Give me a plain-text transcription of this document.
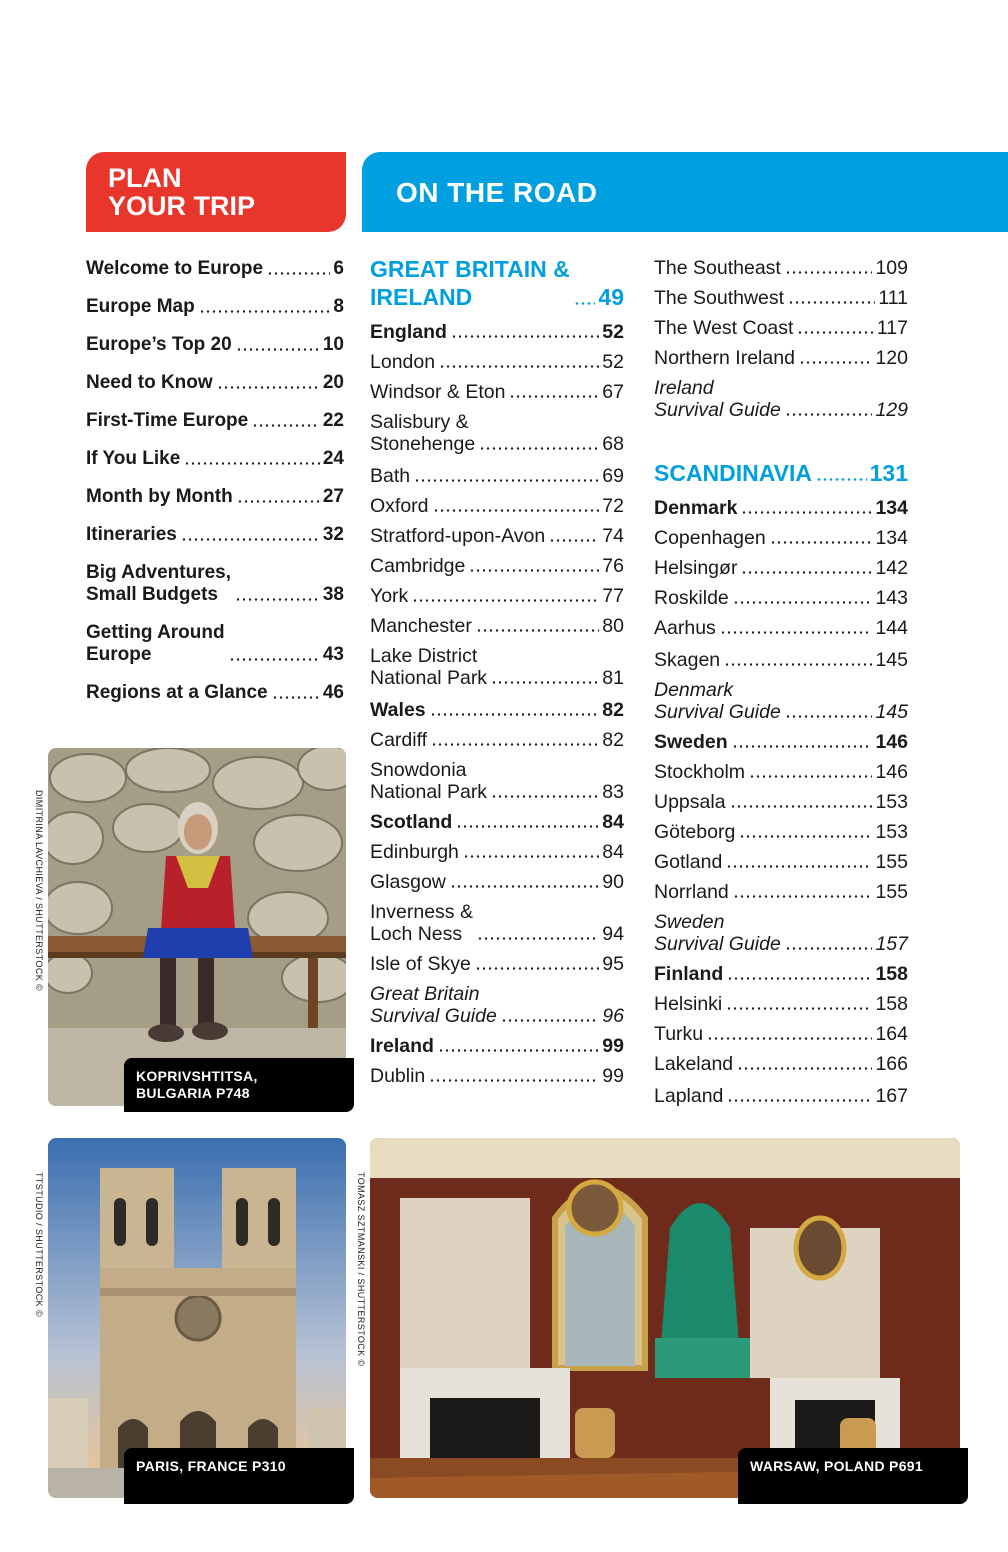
PLAN
YOUR TRIP	ON THE ROAD
Welcome to Europe	6
Europe Map	8
Europe’s Top 20	10
Need to Know	20
First-Time Europe	22
If You Like	24
Month by Month	27
Itineraries	32
Big Adventures,
Small Budgets	38
Getting Around
Europe	43
Regions at a Glance	46
GREAT BRITAIN &
IRELAND	49
England	52
London	52
Windsor & Eton	67
Salisbury &
Stonehenge	68
Bath	69
Oxford	72
Stratford-upon-Avon	74
Cambridge	76
York	77
Manchester	80
Lake District
National Park	81
Wales	82
Cardiff	82
Snowdonia
National Park	83
Scotland	84
Edinburgh	84
Glasgow	90
Inverness &
Loch Ness	94
Isle of Skye	95
Great Britain
Survival Guide	96
Ireland	99
Dublin	99
The Southeast	109
The Southwest	111
The West Coast	117
Northern Ireland	120
Ireland
Survival Guide	129
SCANDINAVIA	131
Denmark	134
Copenhagen	134
Helsingør	142
Roskilde	143
Aarhus	144
Skagen	145
Denmark
Survival Guide	145
Sweden	146
Stockholm	146
Uppsala	153
Göteborg	153
Gotland	155
Norrland	155
Sweden
Survival Guide	157
Finland	158
Helsinki	158
Turku	164
Lakeland	166
Lapland	167
DIMITRINA LAVCHIEVA / SHUTTERSTOCK ©
KOPRIVSHTITSA,
BULGARIA P748
TTSTUDIO / SHUTTERSTOCK ©
PARIS, FRANCE P310
TOMASZ SZTMANSKI / SHUTTERSTOCK ©
WARSAW, POLAND P691
